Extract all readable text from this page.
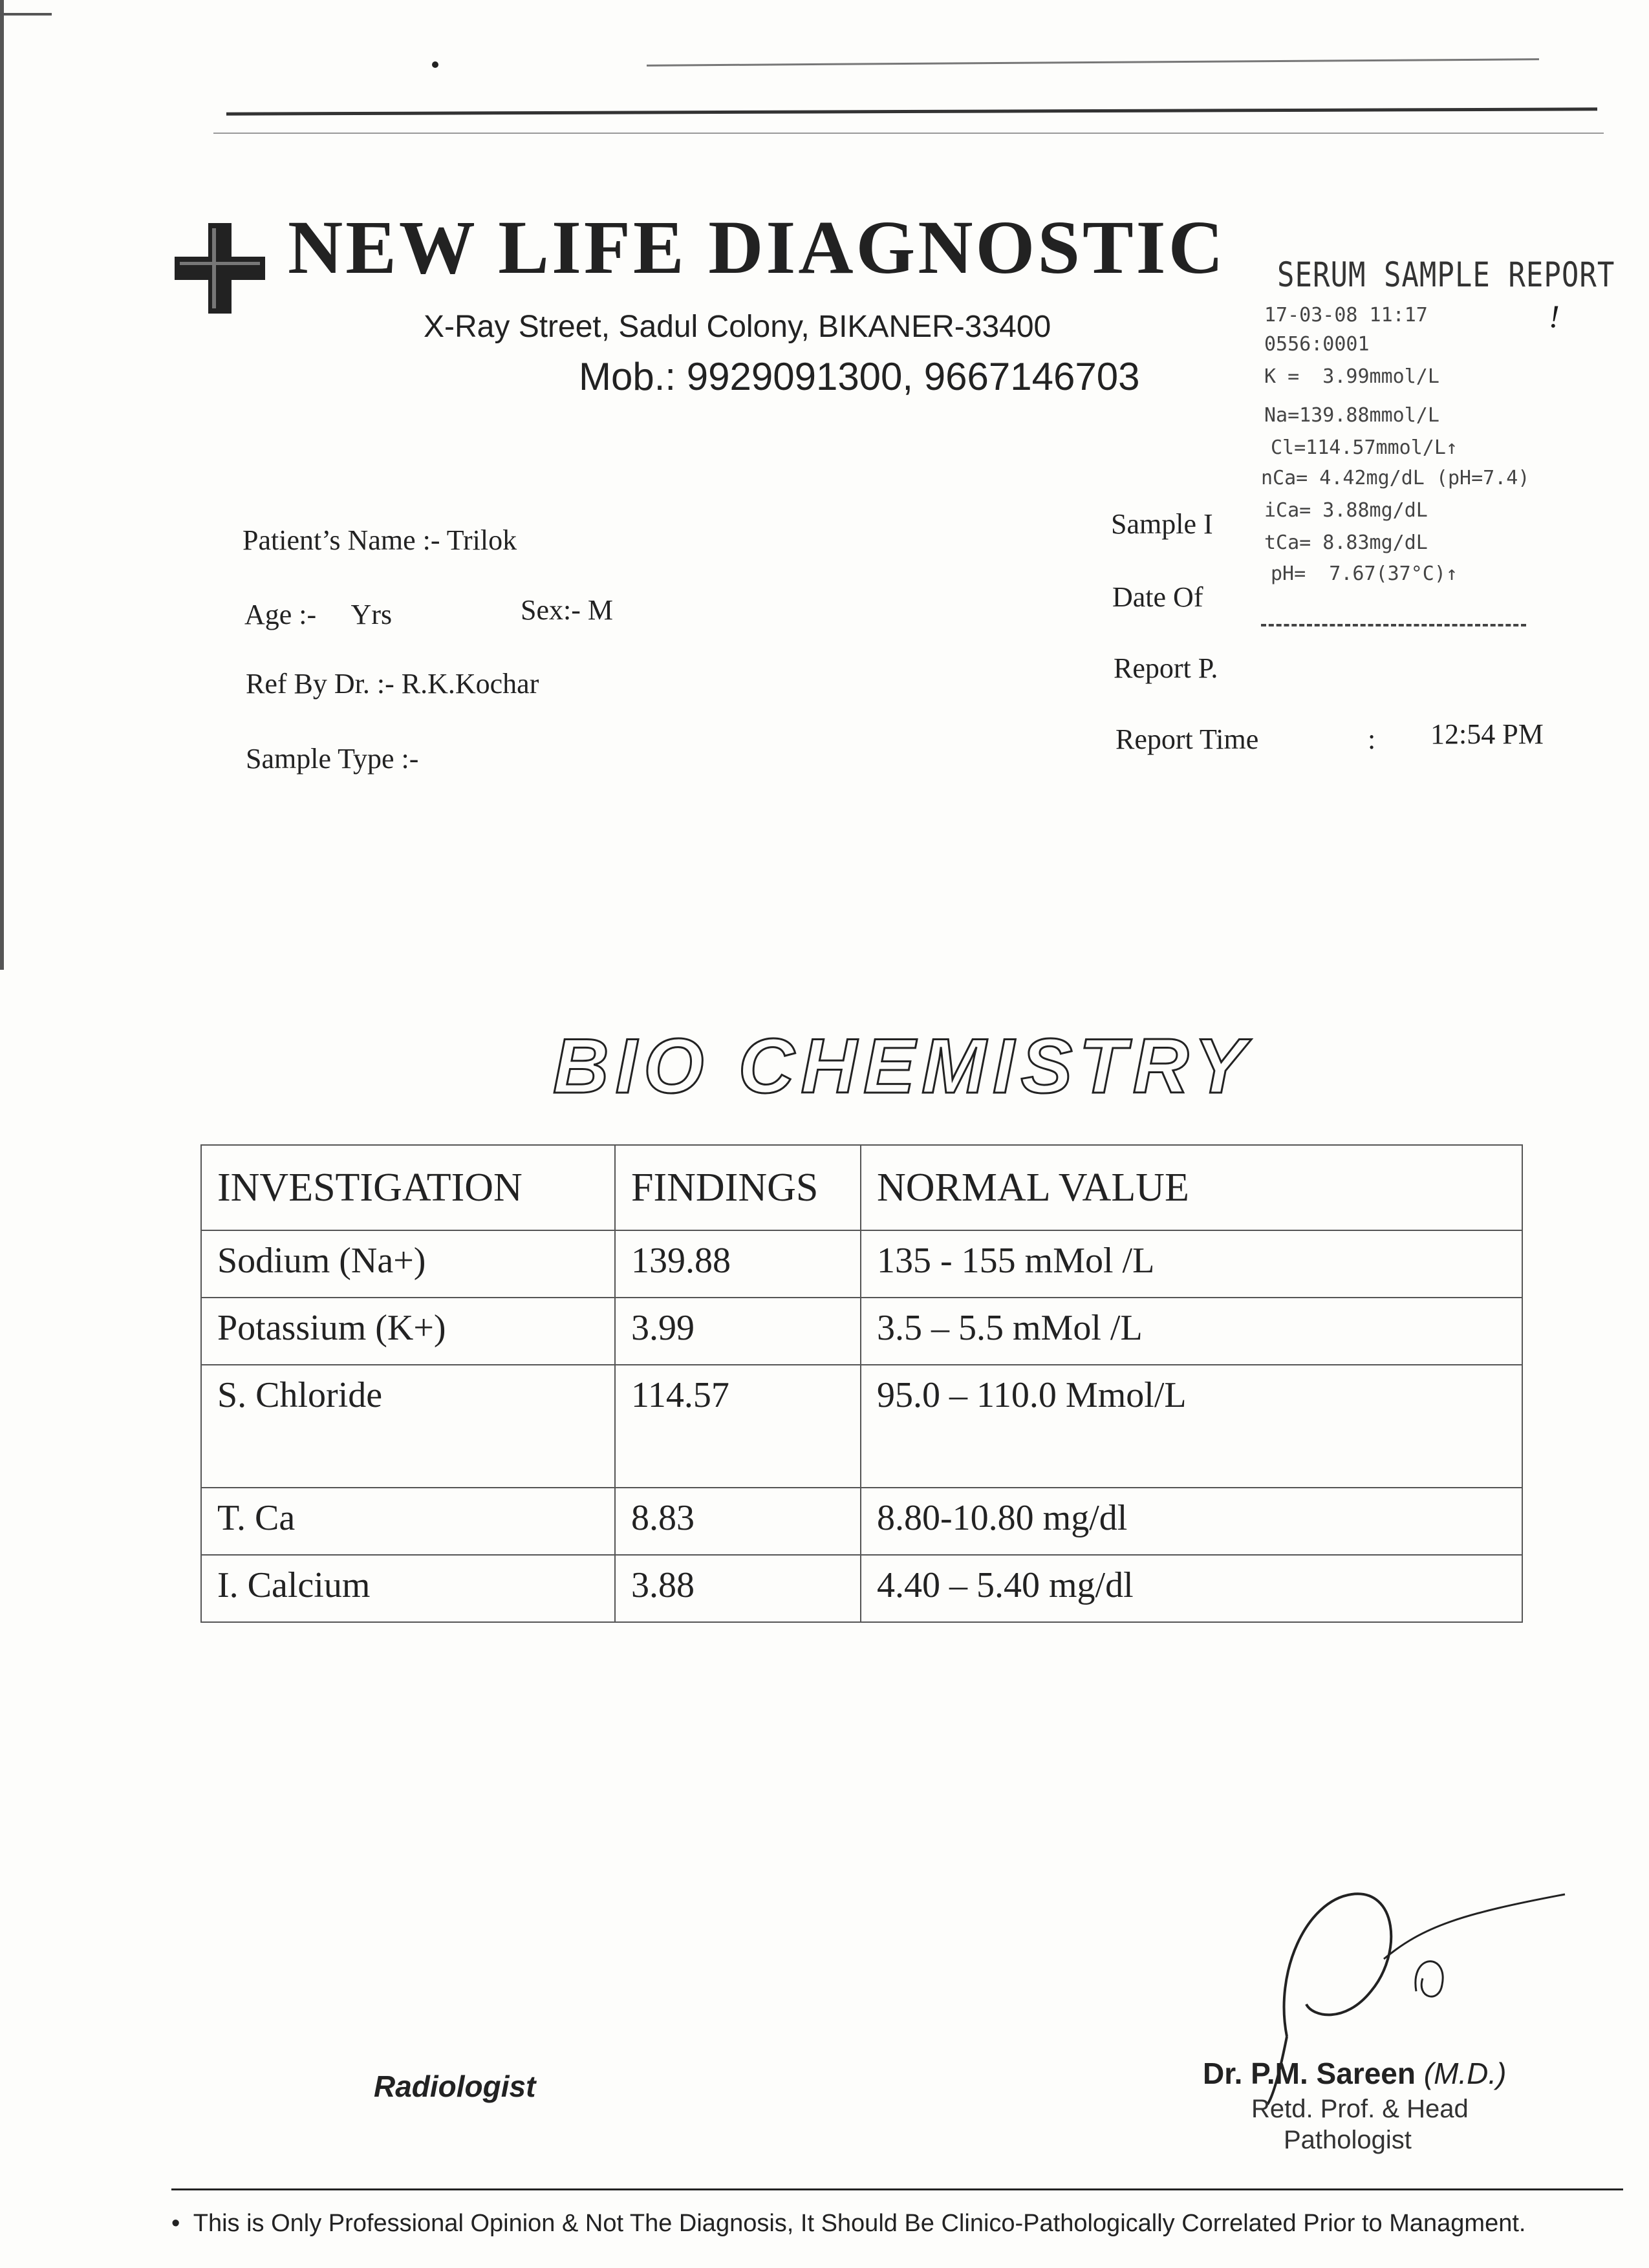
NEW LIFE DIAGNOSTIC
X-Ray Street, Sadul Colony, BIKANER-33400
Mob.: 9929091300, 9667146703
SERUM SAMPLE REPORT
!
17-03-08 11:17
0556:0001
K =  3.99mmol/L
Na=139.88mmol/L
Cl=114.57mmol/L↑
nCa= 4.42mg/dL (pH=7.4)
iCa= 3.88mg/dL
tCa= 8.83mg/dL
pH=  7.67(37°C)↑
Patient’s Name :- Trilok
Age :-     Yrs	Sex:- M
Ref By Dr. :- R.K.Kochar
Sample Type :-
Sample I
Date Of
Report P.
Report Time	: 12:54 PM
BIO CHEMISTRY
INVESTIGATION	FINDINGS	NORMAL VALUE
Sodium (Na+)	139.88	135 - 155 mMol /L
Potassium (K+)	3.99	3.5 – 5.5 mMol /L
S. Chloride	114.57	95.0 – 110.0 Mmol/L
T. Ca	8.83	8.80-10.80 mg/dl
I. Calcium	3.88	4.40 – 5.40 mg/dl
Dr. P.M. Sareen (M.D.)
Retd. Prof. & Head
Pathologist
Radiologist
•  This is Only Professional Opinion & Not The Diagnosis, It Should Be Clinico-Pathologically Correlated Prior to Managment.
